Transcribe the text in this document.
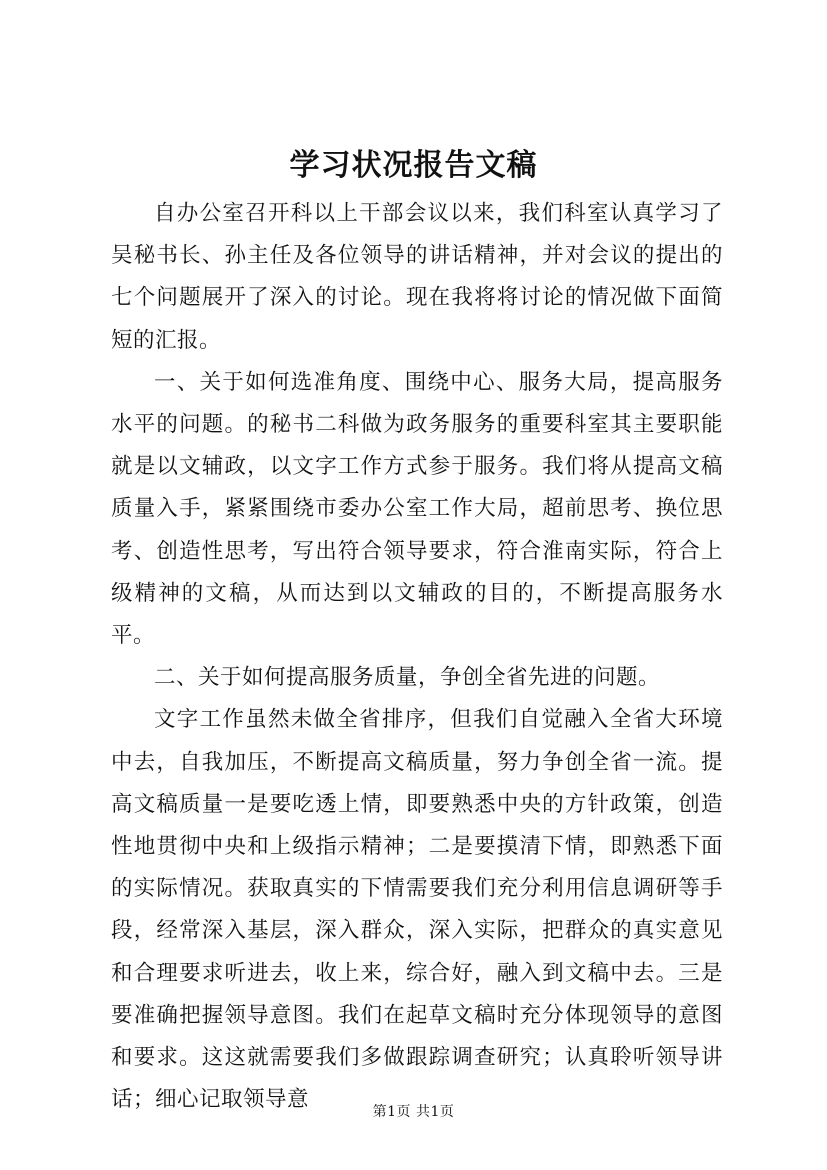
学习状况报告文稿

自办公室召开科以上干部会议以来，我们科室认真学习了吴秘书长、孙主任及各位领导的讲话精神，并对会议的提出的七个问题展开了深入的讨论。现在我将将讨论的情况做下面简短的汇报。

一、关于如何选准角度、围绕中心、服务大局，提高服务水平的问题。的秘书二科做为政务服务的重要科室其主要职能就是以文辅政，以文字工作方式参于服务。我们将从提高文稿质量入手，紧紧围绕市委办公室工作大局，超前思考、换位思考、创造性思考，写出符合领导要求，符合淮南实际，符合上级精神的文稿，从而达到以文辅政的目的，不断提高服务水平。

二、关于如何提高服务质量，争创全省先进的问题。

文字工作虽然未做全省排序，但我们自觉融入全省大环境中去，自我加压，不断提高文稿质量，努力争创全省一流。提高文稿质量一是要吃透上情，即要熟悉中央的方针政策，创造性地贯彻中央和上级指示精神；二是要摸清下情，即熟悉下面的实际情况。获取真实的下情需要我们充分利用信息调研等手段，经常深入基层，深入群众，深入实际，把群众的真实意见和合理要求听进去，收上来，综合好，融入到文稿中去。三是要准确把握领导意图。我们在起草文稿时充分体现领导的意图和要求。这这就需要我们多做跟踪调查研究；认真聆听领导讲话；细心记取领导意	第1页 共1页
